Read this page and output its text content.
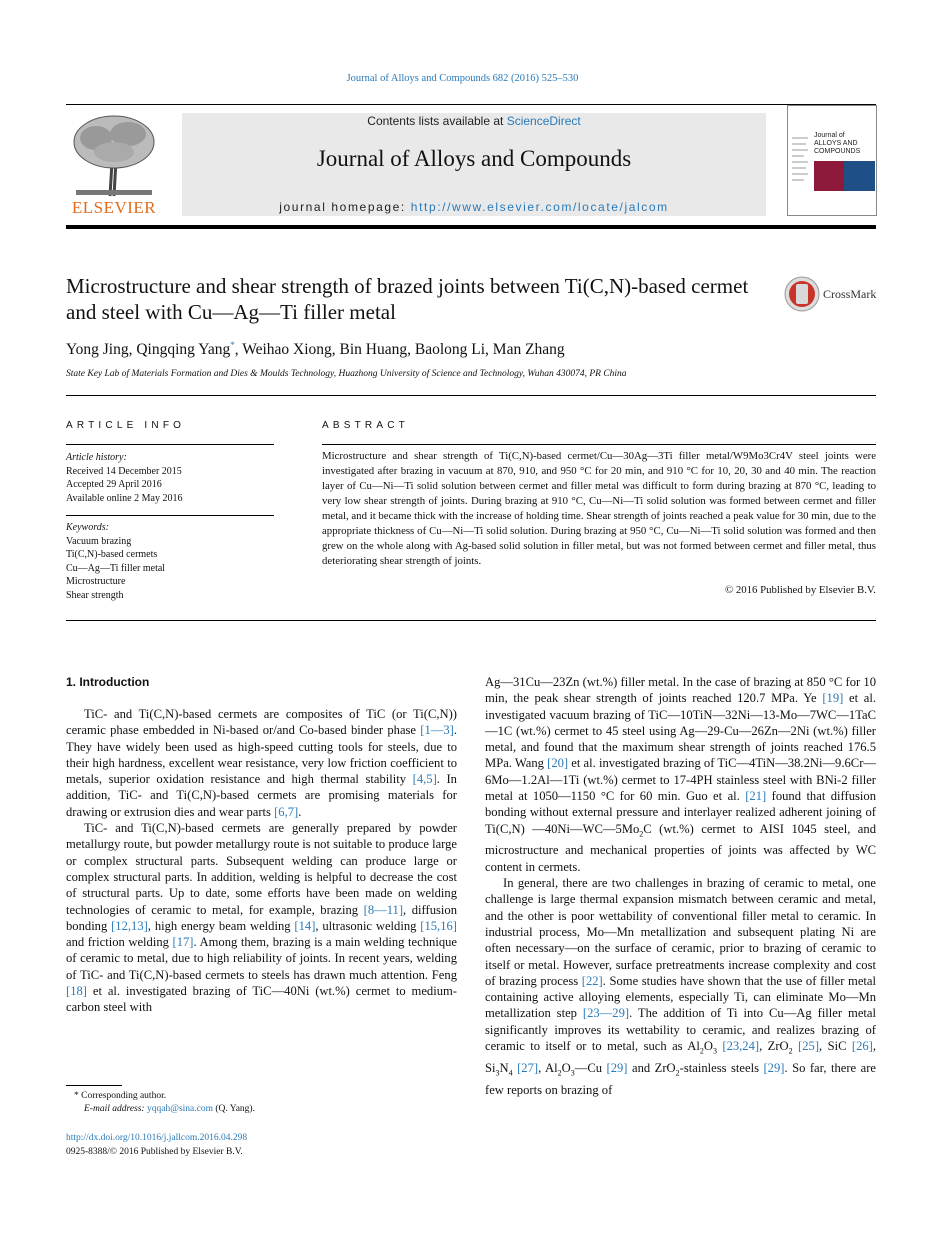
Journal of Alloys and Compounds 682 (2016) 525–530
ELSEVIER
Contents lists available at ScienceDirect
Journal of Alloys and Compounds
journal homepage: http://www.elsevier.com/locate/jalcom
Journal of ALLOYS AND COMPOUNDS
Microstructure and shear strength of brazed joints between Ti(C,N)-based cermet and steel with Cu—Ag—Ti filler metal
CrossMark
Yong Jing, Qingqing Yang*, Weihao Xiong, Bin Huang, Baolong Li, Man Zhang
State Key Lab of Materials Formation and Dies & Moulds Technology, Huazhong University of Science and Technology, Wuhan 430074, PR China
ARTICLE INFO
Article history:
Received 14 December 2015
Accepted 29 April 2016
Available online 2 May 2016
Keywords:
Vacuum brazing
Ti(C,N)-based cermets
Cu—Ag—Ti filler metal
Microstructure
Shear strength
ABSTRACT
Microstructure and shear strength of Ti(C,N)-based cermet/Cu—30Ag—3Ti filler metal/W9Mo3Cr4V steel joints were investigated after brazing in vacuum at 870, 910, and 950 °C for 20 min, and 910 °C for 10, 20, 30 and 40 min. The reaction layer of Cu—Ni—Ti solid solution between cermet and filler metal was difficult to form during brazing at 870 °C, leading to very low shear strength of joints. During brazing at 910 °C, Cu—Ni—Ti solid solution was formed between cermet and filler metal, and it became thick with the increase of holding time. Shear strength of joints reached a peak value for 30 min, due to the appropriate thickness of Cu—Ni—Ti solid solution. During brazing at 950 °C, Cu—Ni—Ti solid solution was formed and then grew on the whole along with Ag-based solid solution in filler metal, but was not formed between cermet and filler metal, thus deteriorating shear strength of joints.
© 2016 Published by Elsevier B.V.
1. Introduction

TiC- and Ti(C,N)-based cermets are composites of TiC (or Ti(C,N)) ceramic phase embedded in Ni-based or/and Co-based binder phase [1—3]. They have widely been used as high-speed cutting tools for steels, due to their high hardness, excellent wear resistance, very low friction coefficient to metals, superior oxidation resistance and high thermal stability [4,5]. In addition, TiC- and Ti(C,N)-based cermets are promising materials for drawing or extrusion dies and wear parts [6,7].

TiC- and Ti(C,N)-based cermets are generally prepared by powder metallurgy route, but powder metallurgy route is not suitable to produce large or complex structural parts. Subsequent welding can produce large or complex structural parts. In addition, welding is helpful to decrease the cost of structural parts. Up to date, some efforts have been made on welding technologies of ceramic to metal, for example, brazing [8—11], diffusion bonding [12,13], high energy beam welding [14], ultrasonic welding [15,16] and friction welding [17]. Among them, brazing is a main welding technique of ceramic to metal, due to high reliability of joints. In recent years, welding of TiC- and Ti(C,N)-based cermets to steels has drawn much attention. Feng [18] et al. investigated brazing of TiC—40Ni (wt.%) cermet to medium-carbon steel with

Ag—31Cu—23Zn (wt.%) filler metal. In the case of brazing at 850 °C for 10 min, the peak shear strength of joints reached 120.7 MPa. Ye [19] et al. investigated vacuum brazing of TiC—10TiN—32Ni—13-Mo—7WC—1TaC—1C (wt.%) cermet to 45 steel using Ag—29-Cu—26Zn—2Ni (wt.%) filler metal, and found that the maximum shear strength of joints reached 176.5 MPa. Wang [20] et al. investigated brazing of TiC—4TiN—38.2Ni—9.6Cr—6Mo—1.2Al—1Ti (wt.%) cermet to 17-4PH stainless steel with BNi-2 filler metal at 1050—1150 °C for 60 min. Guo et al. [21] found that diffusion bonding without external pressure and interlayer realized adherent joining of Ti(C,N) $—40Ni—WC—5Mo_2C$ (wt.%) cermet to AISI 1045 steel, and microstructure and mechanical properties of joints was affected by WC content in cermets.

In general, there are two challenges in brazing of ceramic to metal, one challenge is large thermal expansion mismatch between ceramic and metal, and the other is poor wettability of conventional filler metal to ceramic. In industrial process, Mo—Mn metallization and subsequent plating Ni are often necessary—on the surface of ceramic, prior to brazing of ceramic to itself or metal. However, surface pretreatments increase complexity and cost of brazing process [22]. Some studies have shown that the use of filler metal containing active alloying elements, especially Ti, can eliminate Mo—Mn metallization step [23—29]. The addition of Ti into Cu—Ag filler metal significantly improves its wettability to ceramic, and realizes brazing of ceramic to itself or to metal, such as $Al_2O_3$ [23,24], ZrO$_2$ [25], SiC [26], $Si_3N_4$ [27], $Al_2O_3—Cu$ [29] and ZrO$_2$-stainless steels [29]. So far, there are few reports on brazing of

* Corresponding author.
E-mail address: yqqah@sina.com (Q. Yang).
http://dx.doi.org/10.1016/j.jallcom.2016.04.298
0925-8388/© 2016 Published by Elsevier B.V.
